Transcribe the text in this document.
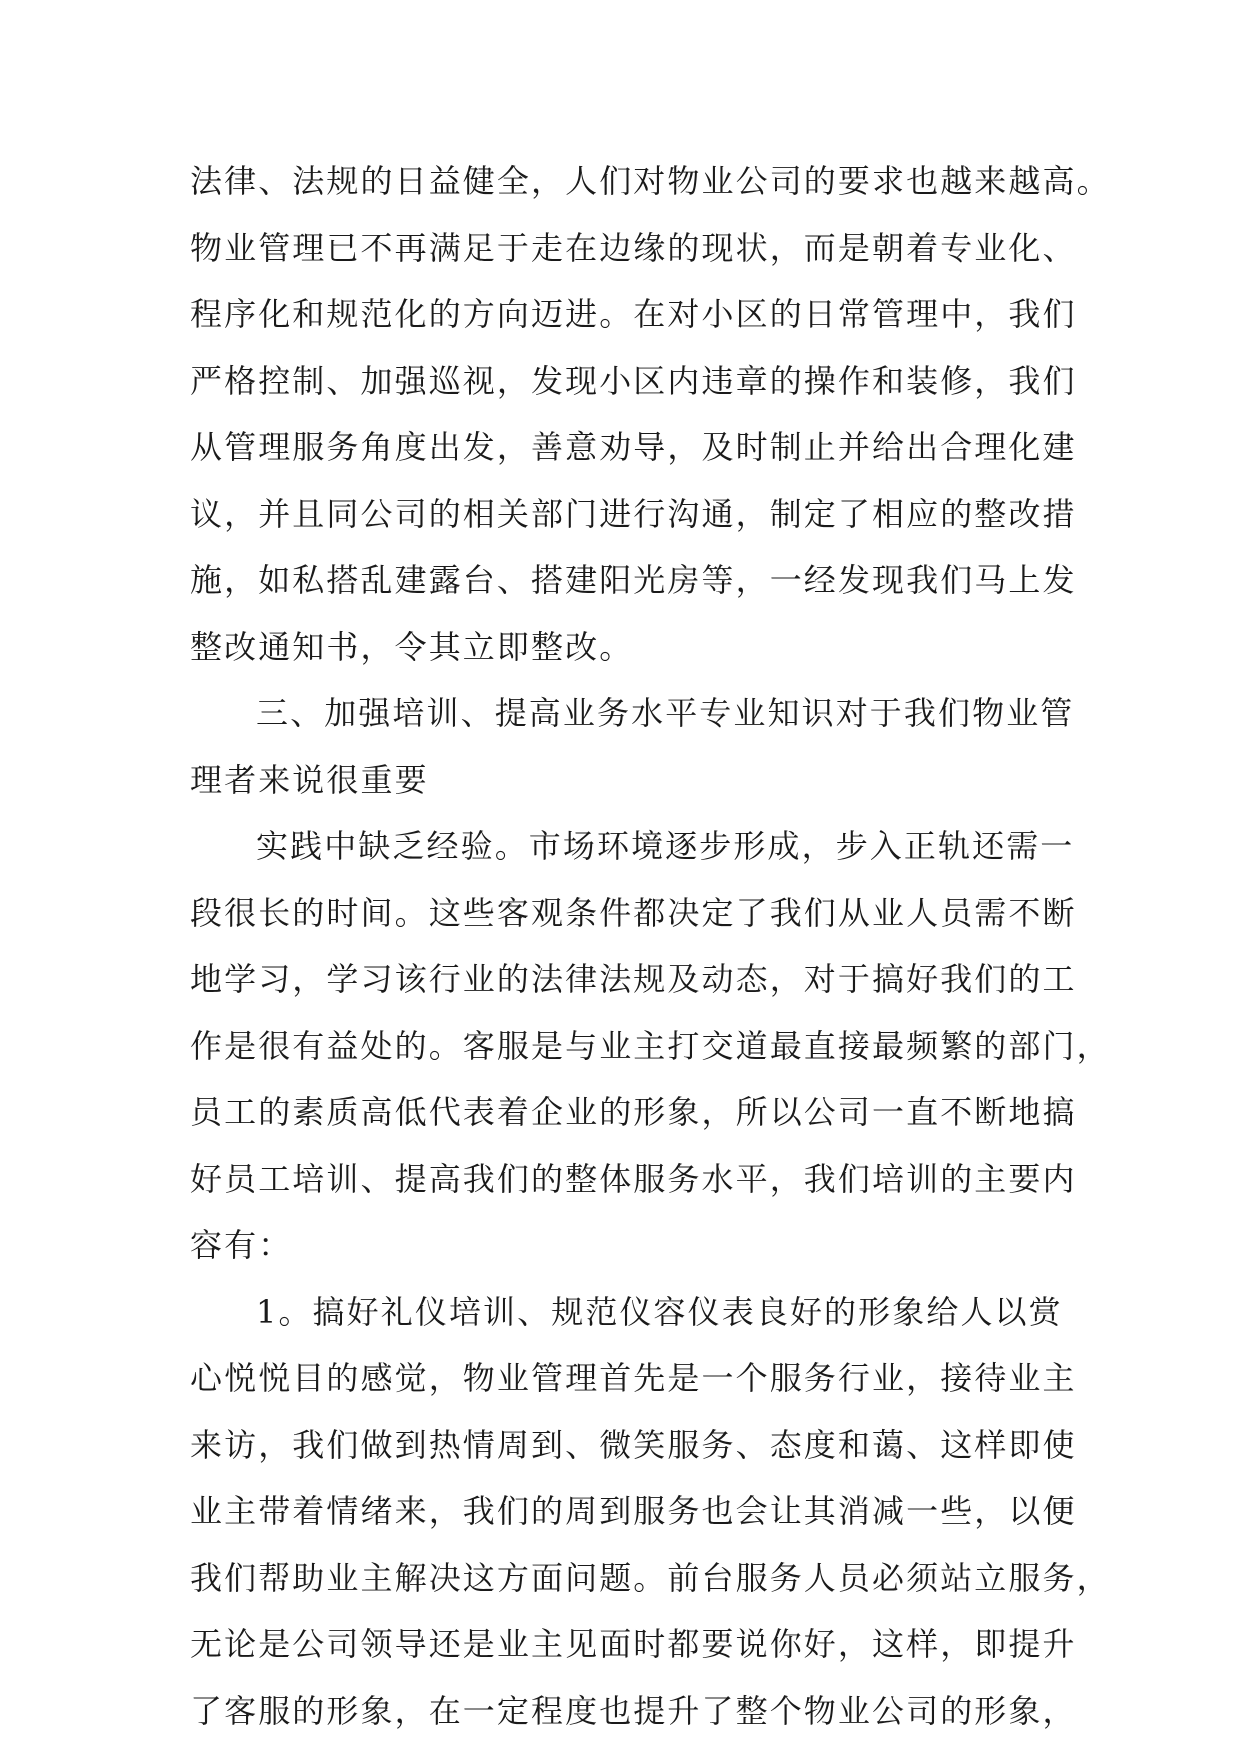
法律、法规的日益健全，人们对物业公司的要求也越来越高。
物业管理已不再满足于走在边缘的现状，而是朝着专业化、
程序化和规范化的方向迈进。在对小区的日常管理中，我们
严格控制、加强巡视，发现小区内违章的操作和装修，我们
从管理服务角度出发，善意劝导，及时制止并给出合理化建
议，并且同公司的相关部门进行沟通，制定了相应的整改措
施，如私搭乱建露台、搭建阳光房等，一经发现我们马上发
整改通知书，令其立即整改。
三、加强培训、提高业务水平专业知识对于我们物业管
理者来说很重要
实践中缺乏经验。市场环境逐步形成，步入正轨还需一
段很长的时间。这些客观条件都决定了我们从业人员需不断
地学习，学习该行业的法律法规及动态，对于搞好我们的工
作是很有益处的。客服是与业主打交道最直接最频繁的部门，
员工的素质高低代表着企业的形象，所以公司一直不断地搞
好员工培训、提高我们的整体服务水平，我们培训的主要内
容有：
1。搞好礼仪培训、规范仪容仪表良好的形象给人以赏
心悦悦目的感觉，物业管理首先是一个服务行业，接待业主
来访，我们做到热情周到、微笑服务、态度和蔼、这样即使
业主带着情绪来，我们的周到服务也会让其消减一些，以便
我们帮助业主解决这方面问题。前台服务人员必须站立服务，
无论是公司领导还是业主见面时都要说你好，这样，即提升
了客服的形象，在一定程度也提升了整个物业公司的形象，
